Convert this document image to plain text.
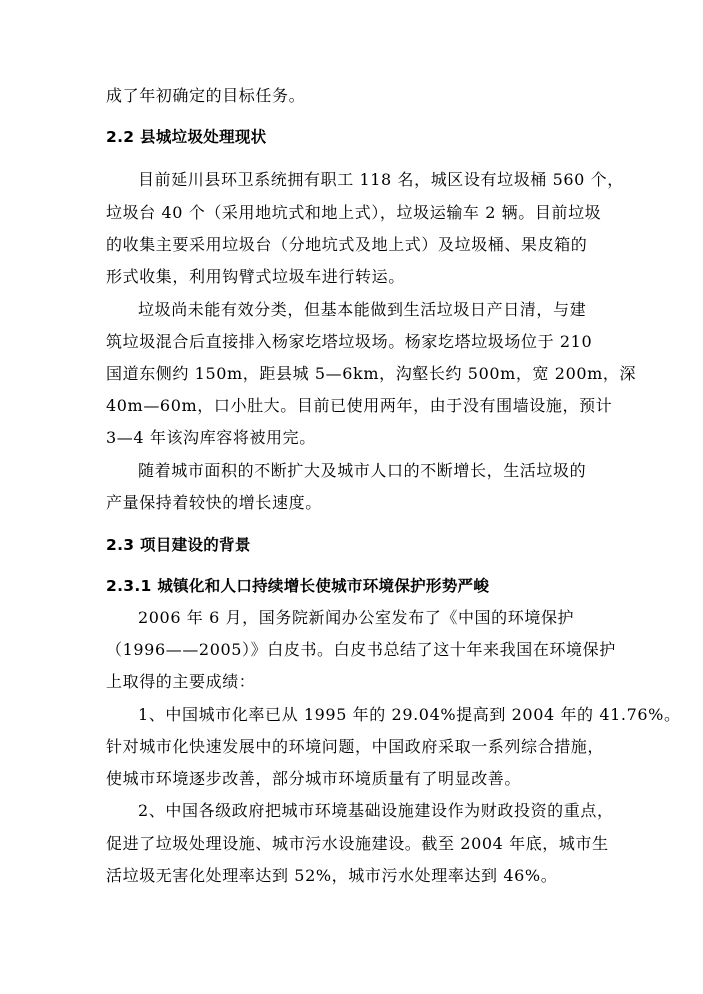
成了年初确定的目标任务。
2.2 县城垃圾处理现状
目前延川县环卫系统拥有职工 118 名，城区设有垃圾桶 560 个，
垃圾台 40 个（采用地坑式和地上式），垃圾运输车 2 辆。目前垃圾
的收集主要采用垃圾台（分地坑式及地上式）及垃圾桶、果皮箱的
形式收集，利用钩臂式垃圾车进行转运。
垃圾尚未能有效分类，但基本能做到生活垃圾日产日清，与建
筑垃圾混合后直接排入杨家圪塔垃圾场。杨家圪塔垃圾场位于 210
国道东侧约 150m，距县城 5—6km，沟壑长约 500m，宽 200m，深
40m—60m，口小肚大。目前已使用两年，由于没有围墙设施，预计
3—4 年该沟库容将被用完。
随着城市面积的不断扩大及城市人口的不断增长，生活垃圾的
产量保持着较快的增长速度。
2.3 项目建设的背景
2.3.1 城镇化和人口持续增长使城市环境保护形势严峻
2006 年 6 月，国务院新闻办公室发布了《中国的环境保护
（1996——2005）》白皮书。白皮书总结了这十年来我国在环境保护
上取得的主要成绩：
1、中国城市化率已从 1995 年的 29.04%提高到 2004 年的 41.76%。
针对城市化快速发展中的环境问题，中国政府采取一系列综合措施，
使城市环境逐步改善，部分城市环境质量有了明显改善。
2、中国各级政府把城市环境基础设施建设作为财政投资的重点，
促进了垃圾处理设施、城市污水设施建设。截至 2004 年底，城市生
活垃圾无害化处理率达到 52%，城市污水处理率达到 46%。
